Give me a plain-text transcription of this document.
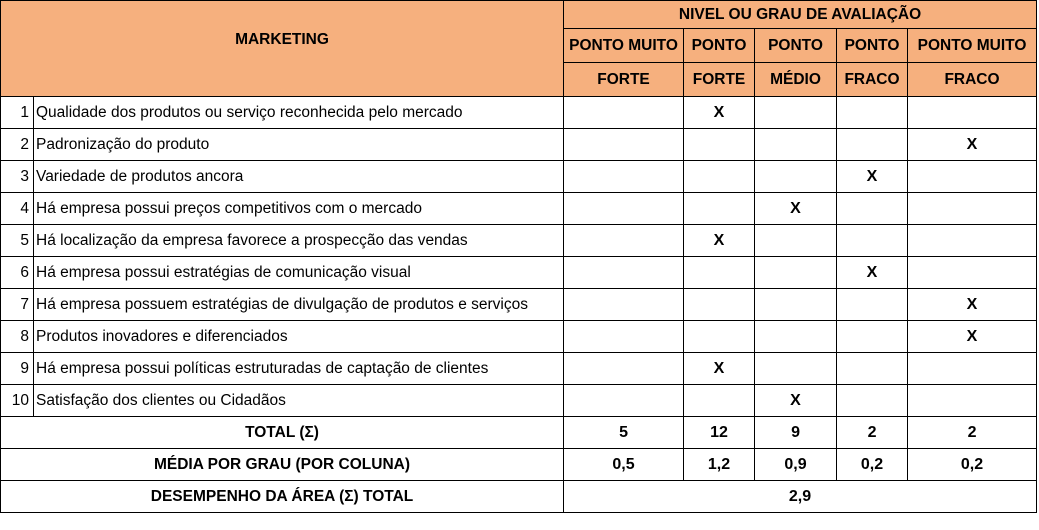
MARKETING		NIVEL OU GRAU DE AVALIAÇÃO				
		PONTO MUITO	PONTO	PONTO	PONTO	PONTO MUITO
		FORTE	FORTE	MÉDIO	FRACO	FRACO
1	Qualidade dos produtos ou serviço reconhecida pelo mercado		X			
2	Padronização do produto					X
3	Variedade de produtos ancora				X	
4	Há empresa possui preços competitivos com o mercado			X		
5	Há localização da empresa favorece a prospecção das vendas		X			
6	Há empresa possui estratégias de comunicação visual				X	
7	Há empresa possuem estratégias de divulgação de produtos e serviços					X
8	Produtos inovadores e diferenciados					X
9	Há empresa possui políticas estruturadas de captação de clientes		X			
10	Satisfação dos clientes ou Cidadãos			X		
TOTAL (Σ)		5	12	9	2	2
MÉDIA POR GRAU (POR COLUNA)		0,5	1,2	0,9	0,2	0,2
DESEMPENHO DA ÁREA (Σ) TOTAL		2,9				
